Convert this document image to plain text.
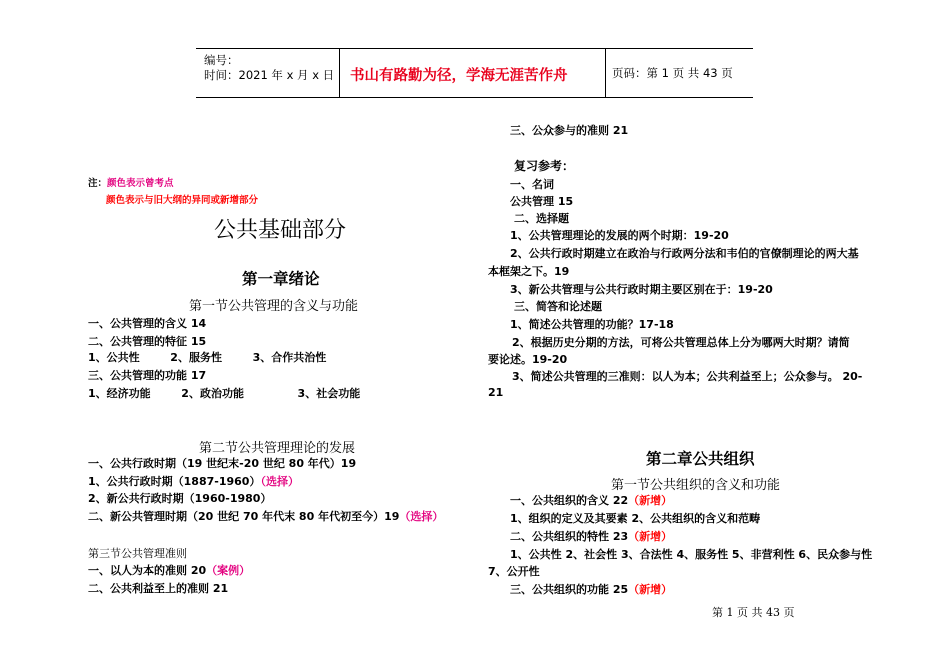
编号：
时间：2021 年 x 月 x 日 书山有路勤为径，学海无涯苦作舟	页码：第 1 页 共 43 页
注：颜色表示曾考点
颜色表示与旧大纲的异同或新增部分
公共基础部分
第一章绪论
第一节公共管理的含义与功能
一、公共管理的含义 14
二、公共管理的特征 15
1、公共性        2、服务性        3、合作共治性
三、公共管理的功能 17
1、经济功能        2、政治功能              3、社会功能
第二节公共管理理论的发展
一、公共行政时期（19 世纪末-20 世纪 80 年代）19
1、公共行政时期（1887-1960）（选择）
2、新公共行政时期（1960-1980）
二、新公共管理时期（20 世纪 70 年代末 80 年代初至今）19（选择）
第三节公共管理准则
一、以人为本的准则 20（案例）
二、公共利益至上的准则 21
三、公众参与的准则 21
复习参考：
一、名词
公共管理 15
二、选择题
1、公共管理理论的发展的两个时期：19-20
2、公共行政时期建立在政治与行政两分法和韦伯的官僚制理论的两大基
本框架之下。19
3、新公共管理与公共行政时期主要区别在于：19-20
三、简答和论述题
1、简述公共管理的功能？17-18
2、根据历史分期的方法，可将公共管理总体上分为哪两大时期？请简
要论述。19-20
3、简述公共管理的三准则：以人为本；公共利益至上；公众参与。 20-
21
第二章公共组织
第一节公共组织的含义和功能
一、公共组织的含义 22（新增）
1、组织的定义及其要素 2、公共组织的含义和范畴
二、公共组织的特性 23（新增）
1、公共性 2、社会性 3、合法性 4、服务性 5、非营利性 6、民众参与性
7、公开性
三、公共组织的功能 25（新增）
第 1 页 共 43 页
